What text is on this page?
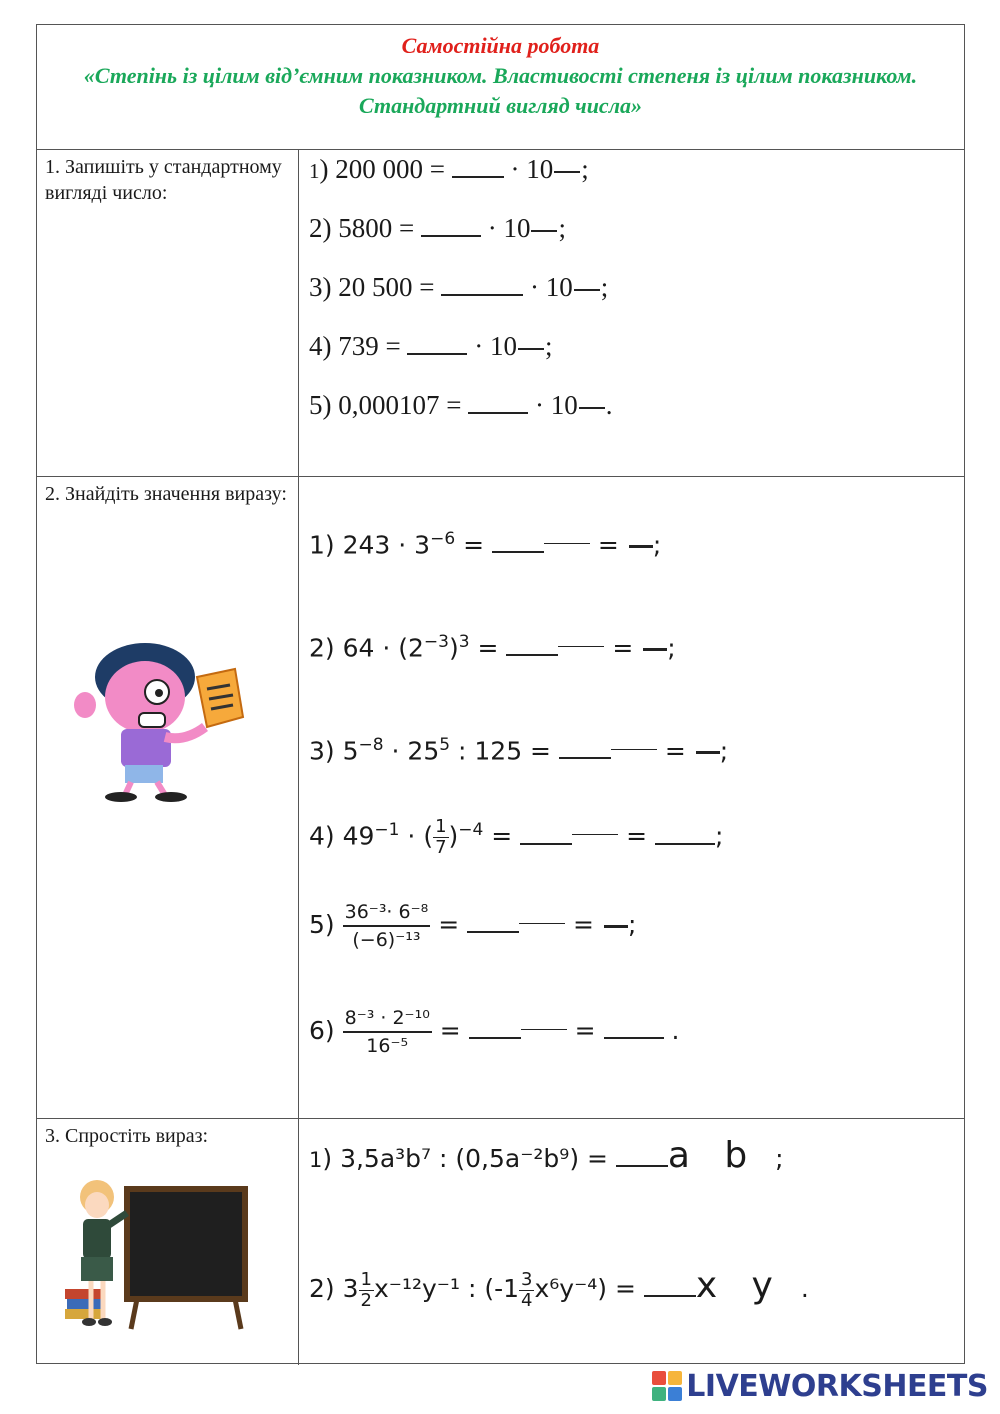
Самостійна робота
«Степінь із цілим від’ємним показником. Властивості степеня із цілим показником. Стандартний вигляд числа»
1. Запишіть у стандартному вигляді число:
1) 200 000 =  · 10 ;
2) 5800 =  · 10 ;
3) 20 500 =	· 10 ;
4) 739 =  · 10 ;
5) 0,000107 =  · 10 .
2. Знайдіть значення виразу:
1) $243 \cdot 3^{-6}$ =	= ;
2) $64 \cdot (2^{-3})^3$ =	= ;
3) $5^{-8} \cdot 25^5$ : 125 =	= ;
4) $49^{-1}$ · ( $\frac{1}{7} )^{-4}$ =	= ;
$5) \frac{\text{36⁻³· 6⁻⁸}}{\text{(−6)⁻¹³}}$ =	= ;
$6) \frac{\text{8⁻³ · 2⁻¹⁰}}{\text{16⁻⁵}}$ =	=  .
3. Спростіть вираз:
1) 3,5a³b⁷ : (0,5a⁻²b⁹) = a   b ;
2) $3 \frac{1}{2} x^{-12}y^{-1}$ : $(-1 \frac{3}{4} x^6y^{-4}) = x$   y .
LIVEWORKSHEETS
